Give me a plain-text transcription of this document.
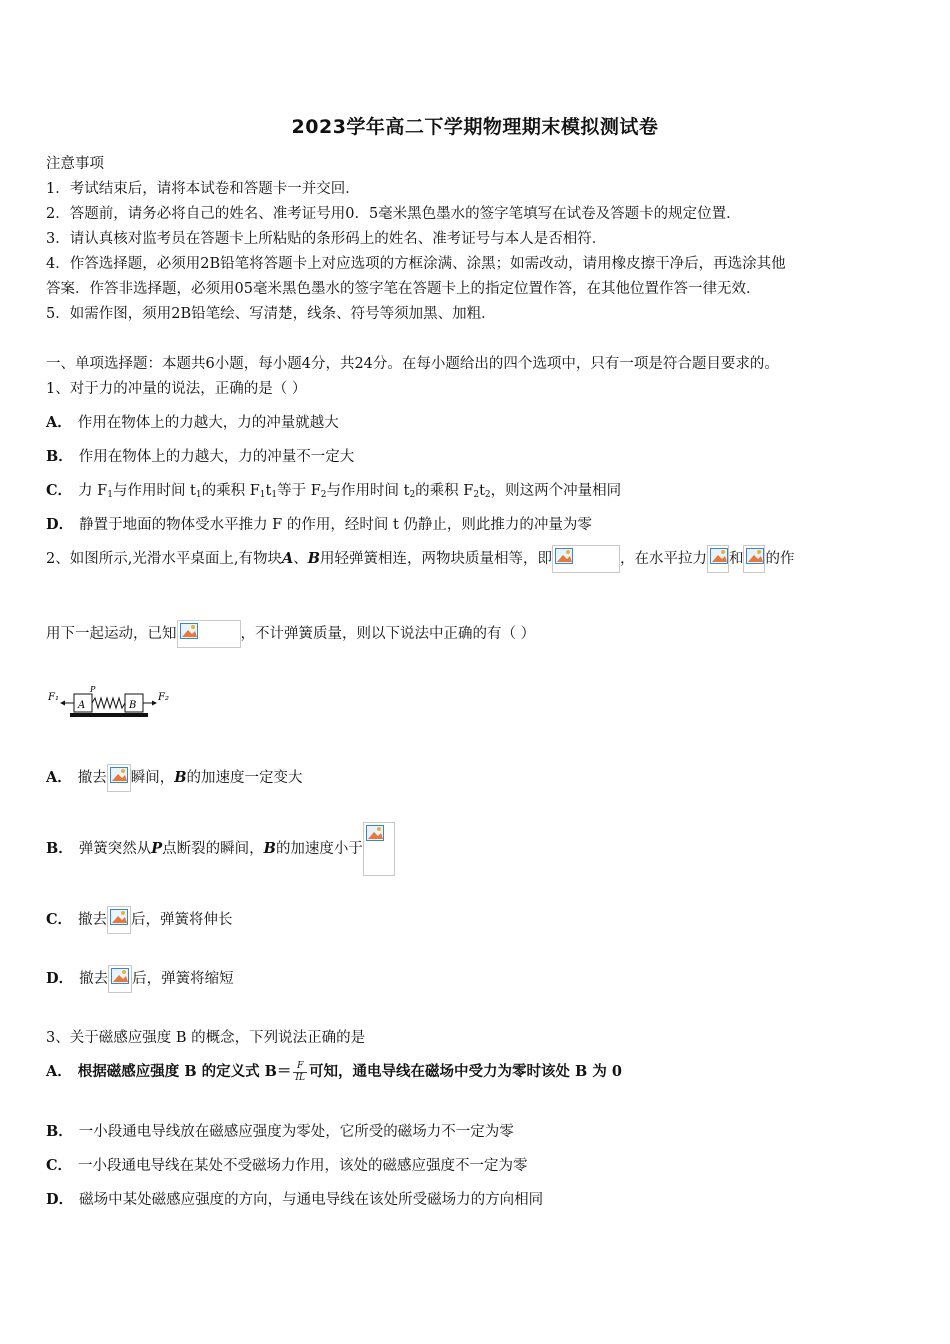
2023学年高二下学期物理期末模拟测试卷
注意事项
1．考试结束后，请将本试卷和答题卡一并交回．
2．答题前，请务必将自己的姓名、准考证号用0．5毫米黑色墨水的签字笔填写在试卷及答题卡的规定位置．
3．请认真核对监考员在答题卡上所粘贴的条形码上的姓名、准考证号与本人是否相符．
4．作答选择题，必须用2B铅笔将答题卡上对应选项的方框涂满、涂黑；如需改动，请用橡皮擦干净后，再选涂其他
答案．作答非选择题，必须用05毫米黑色墨水的签字笔在答题卡上的指定位置作答，在其他位置作答一律无效．
5．如需作图，须用2B铅笔绘、写清楚，线条、符号等须加黑、加粗．
一、单项选择题：本题共6小题，每小题4分，共24分。在每小题给出的四个选项中，只有一项是符合题目要求的。
1、对于力的冲量的说法，正确的是（ ）
A． 作用在物体上的力越大，力的冲量就越大
B． 作用在物体上的力越大，力的冲量不一定大
C． 力 $F_1$与作用时间 $t_1$的乘积 $F_1t_1$等于 $F_2$与作用时间 $t_2$的乘积 $F_2t_2$，则这两个冲量相同
D． 静置于地面的物体受水平推力 F 的作用，经时间 t 仍静止，则此推力的冲量为零
2、如图所示,光滑水平桌面上,有物块A、B用轻弹簧相连，两物块质量相等，即	，在水平拉力 和 的作
用下一起运动，已知	，不计弹簧质量，则以下说法中正确的有（ ）
F₁
A
P
B
F₂
A． 撤去 瞬间，B的加速度一定变大
B． 弹簧突然从P点断裂的瞬间，B的加速度小于
C． 撤去 后，弹簧将伸长
D． 撤去 后，弹簧将缩短
3、关于磁感应强度 B 的概念，下列说法正确的是
A． 根据磁感应强度 B 的定义式 $B= \frac{F}{IL}$ 可知，通电导线在磁场中受力为零时该处 B 为 0
B． 一小段通电导线放在磁感应强度为零处，它所受的磁场力不一定为零
C． 一小段通电导线在某处不受磁场力作用，该处的磁感应强度不一定为零
D． 磁场中某处磁感应强度的方向，与通电导线在该处所受磁场力的方向相同
